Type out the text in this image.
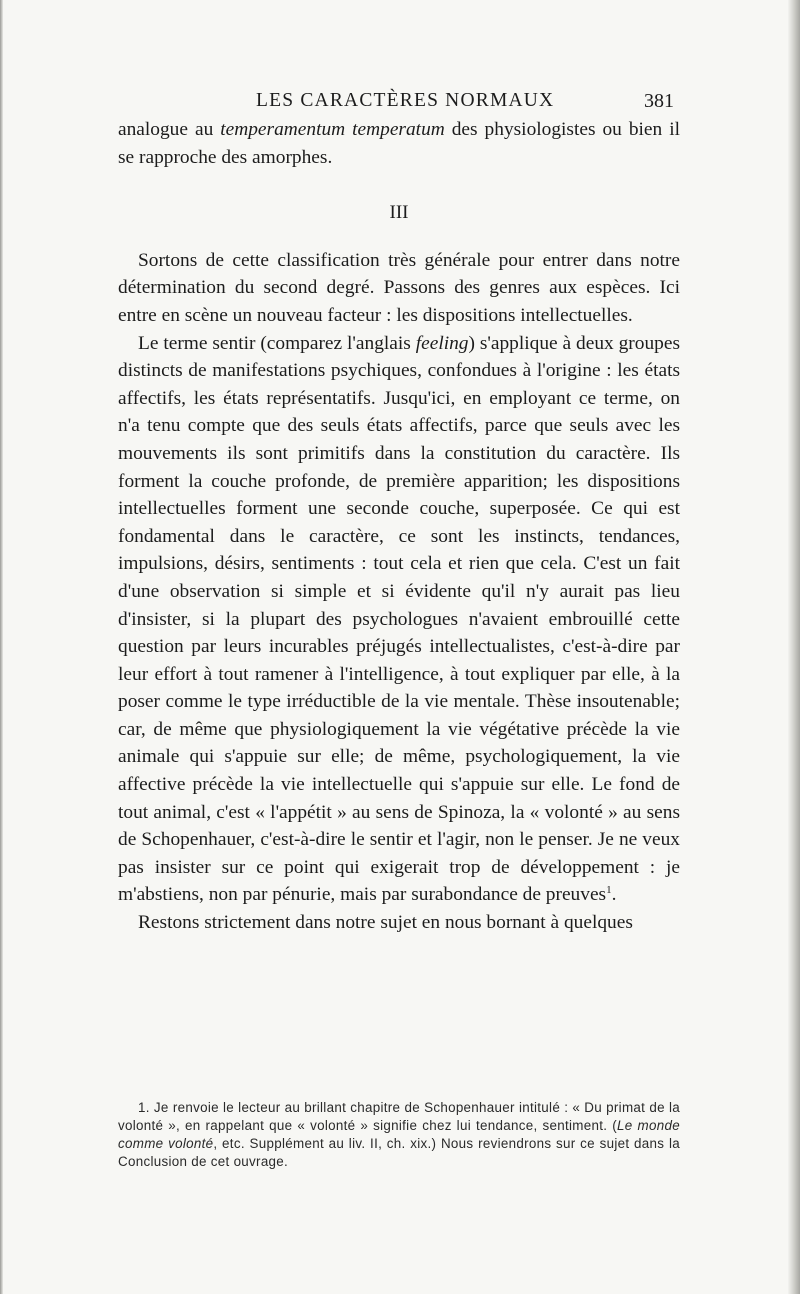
LES CARACTÈRES NORMAUX	381

analogue au temperamentum temperatum des physiologistes ou bien il se rapproche des amorphes.

III

Sortons de cette classification très générale pour entrer dans notre détermination du second degré. Passons des genres aux espèces. Ici entre en scène un nouveau facteur : les dispositions intellectuelles.

Le terme sentir (comparez l'anglais feeling) s'applique à deux groupes distincts de manifestations psychiques, confondues à l'origine : les états affectifs, les états représentatifs. Jusqu'ici, en employant ce terme, on n'a tenu compte que des seuls états affectifs, parce que seuls avec les mouvements ils sont primitifs dans la constitution du caractère. Ils forment la couche profonde, de première apparition; les dispositions intellectuelles forment une seconde couche, superposée. Ce qui est fondamental dans le caractère, ce sont les instincts, tendances, impulsions, désirs, sentiments : tout cela et rien que cela. C'est un fait d'une observation si simple et si évidente qu'il n'y aurait pas lieu d'insister, si la plupart des psychologues n'avaient embrouillé cette question par leurs incurables préjugés intellectualistes, c'est-à-dire par leur effort à tout ramener à l'intelligence, à tout expliquer par elle, à la poser comme le type irréductible de la vie mentale. Thèse insoutenable; car, de même que physiologiquement la vie végétative précède la vie animale qui s'appuie sur elle; de même, psychologiquement, la vie affective précède la vie intellectuelle qui s'appuie sur elle. Le fond de tout animal, c'est « l'appétit » au sens de Spinoza, la « volonté » au sens de Schopenhauer, c'est-à-dire le sentir et l'agir, non le penser. Je ne veux pas insister sur ce point qui exigerait trop de développement : je m'abstiens, non par pénurie, mais par surabondance de preuves$^1$.

Restons strictement dans notre sujet en nous bornant à quelques

1. Je renvoie le lecteur au brillant chapitre de Schopenhauer intitulé : « Du primat de la volonté », en rappelant que « volonté » signifie chez lui tendance, sentiment. (Le monde comme volonté, etc. Supplément au liv. II, ch. xix.) Nous reviendrons sur ce sujet dans la Conclusion de cet ouvrage.
